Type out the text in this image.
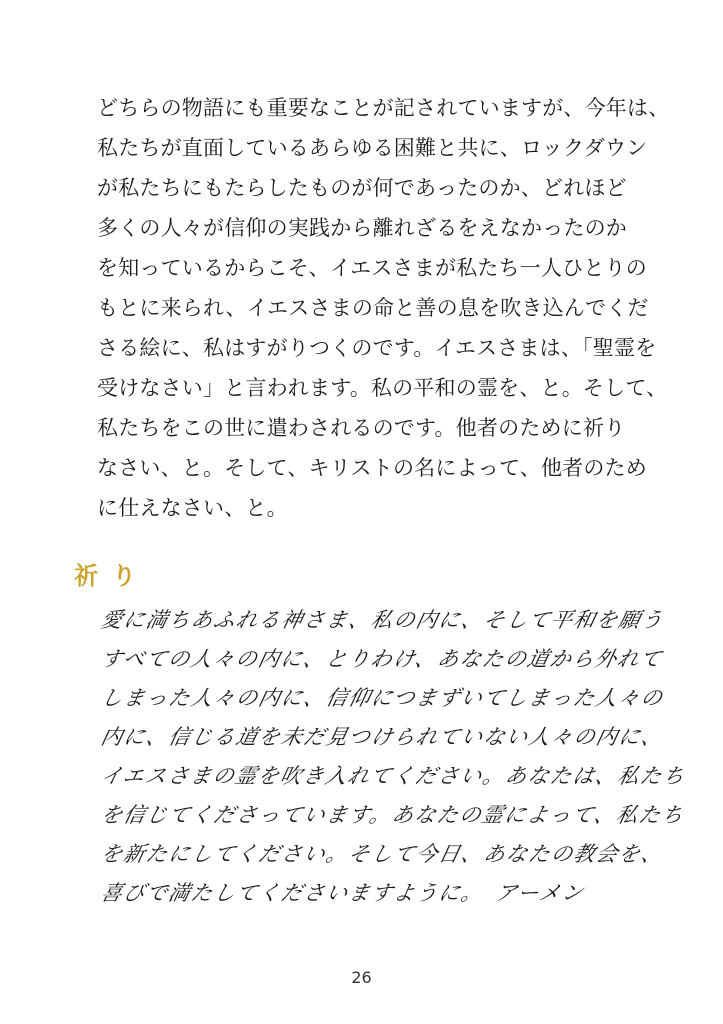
どちらの物語にも重要なことが記されていますが、今年は、
私たちが直面しているあらゆる困難と共に、ロックダウン
が私たちにもたらしたものが何であったのか、どれほど
多くの人々が信仰の実践から離れざるをえなかったのか
を知っているからこそ、イエスさまが私たち一人ひとりの
もとに来られ、イエスさまの命と善の息を吹き込んでくだ
さる絵に、私はすがりつくのです。イエスさまは、「聖霊を
受けなさい」と言われます。私の平和の霊を、と。そして、
私たちをこの世に遣わされるのです。他者のために祈り
なさい、と。そして、キリストの名によって、他者のため
に仕えなさい、と。
祈り
愛に満ちあふれる神さま、私の内に、そして平和を願う
すべての人々の内に、とりわけ、あなたの道から外れて
しまった人々の内に、信仰につまずいてしまった人々の
内に、信じる道を未だ見つけられていない人々の内に、
イエスさまの霊を吹き入れてください。あなたは、私たち
を信じてくださっています。あなたの霊によって、私たち
を新たにしてください。そして今日、あなたの教会を、
喜びで満たしてくださいますように。　アーメン
26
